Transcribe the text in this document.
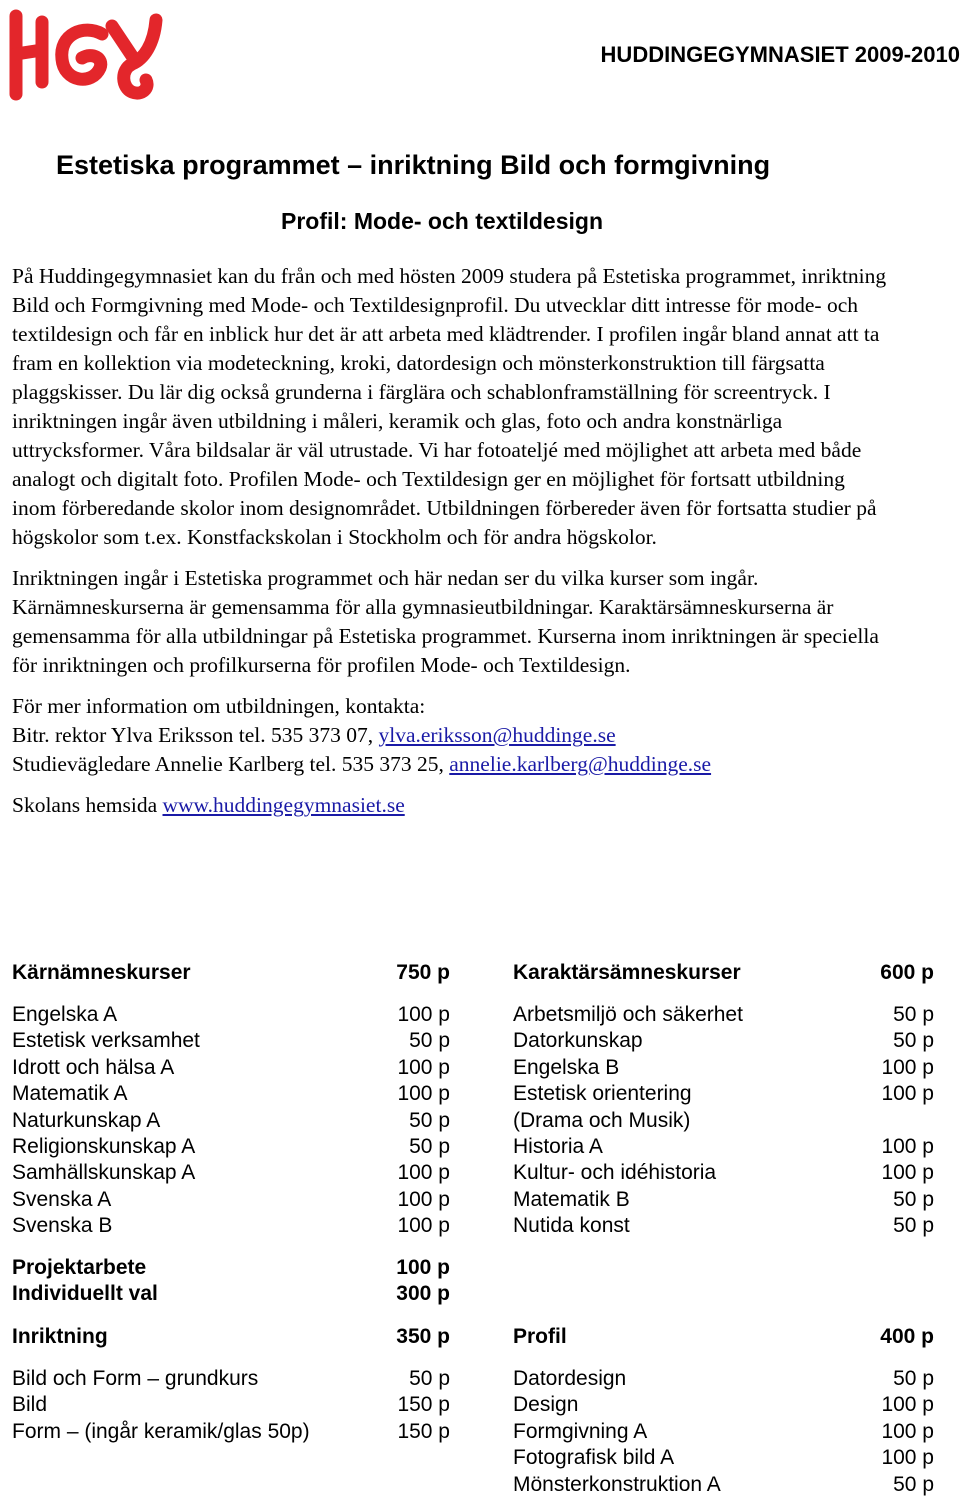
HUDDINGEGYMNASIET 2009-2010
Estetiska programmet – inriktning Bild och formgivning
Profil: Mode- och textildesign

På Huddingegymnasiet kan du från och med hösten 2009 studera på Estetiska programmet, inriktning Bild och Formgivning med Mode- och Textildesignprofil. Du utvecklar ditt intresse för mode- och textildesign och får en inblick hur det är att arbeta med klädtrender. I profilen ingår bland annat att ta fram en kollektion via modeteckning, kroki, datordesign och mönsterkonstruktion till färgsatta plaggskisser. Du lär dig också grunderna i färglära och schablonframställning för screentryck. I inriktningen ingår även utbildning i måleri, keramik och glas, foto och andra konstnärliga uttrycksformer. Våra bildsalar är väl utrustade. Vi har fotoateljé med möjlighet att arbeta med både analogt och digitalt foto. Profilen Mode- och Textildesign ger en möjlighet för fortsatt utbildning inom förberedande skolor inom designområdet. Utbildningen förbereder även för fortsatta studier på högskolor som t.ex. Konstfackskolan i Stockholm och för andra högskolor.

Inriktningen ingår i Estetiska programmet och här nedan ser du vilka kurser som ingår. Kärnämneskurserna är gemensamma för alla gymnasieutbildningar. Karaktärsämneskurserna är gemensamma för alla utbildningar på Estetiska programmet. Kurserna inom inriktningen är speciella för inriktningen och profilkurserna för profilen Mode- och Textildesign.

För mer information om utbildningen, kontakta:
Bitr. rektor Ylva Eriksson tel. 535 373 07, ylva.eriksson@huddinge.se
Studievägledare Annelie Karlberg tel. 535 373 25, annelie.karlberg@huddinge.se

Skolans hemsida www.huddingegymnasiet.se

Kärnämneskurser	750 p
Engelska A	100 p
Estetisk verksamhet	50 p
Idrott och hälsa A	100 p
Matematik A	100 p
Naturkunskap A	50 p
Religionskunskap A	50 p
Samhällskunskap A	100 p
Svenska A	100 p
Svenska B	100 p
Projektarbete	100 p
Individuellt val	300 p
Inriktning	350 p
Bild och Form – grundkurs	50 p
Bild	150 p
Form – (ingår keramik/glas 50p)	150 p
Karaktärsämneskurser	600 p
Arbetsmiljö och säkerhet	50 p
Datorkunskap	50 p
Engelska B	100 p
Estetisk orientering	100 p
(Drama och Musik)
Historia A	100 p
Kultur- och idéhistoria	100 p
Matematik B	50 p
Nutida konst	50 p
Profil	400 p
Datordesign	50 p
Design	100 p
Formgivning A	100 p
Fotografisk bild A	100 p
Mönsterkonstruktion A	50 p
